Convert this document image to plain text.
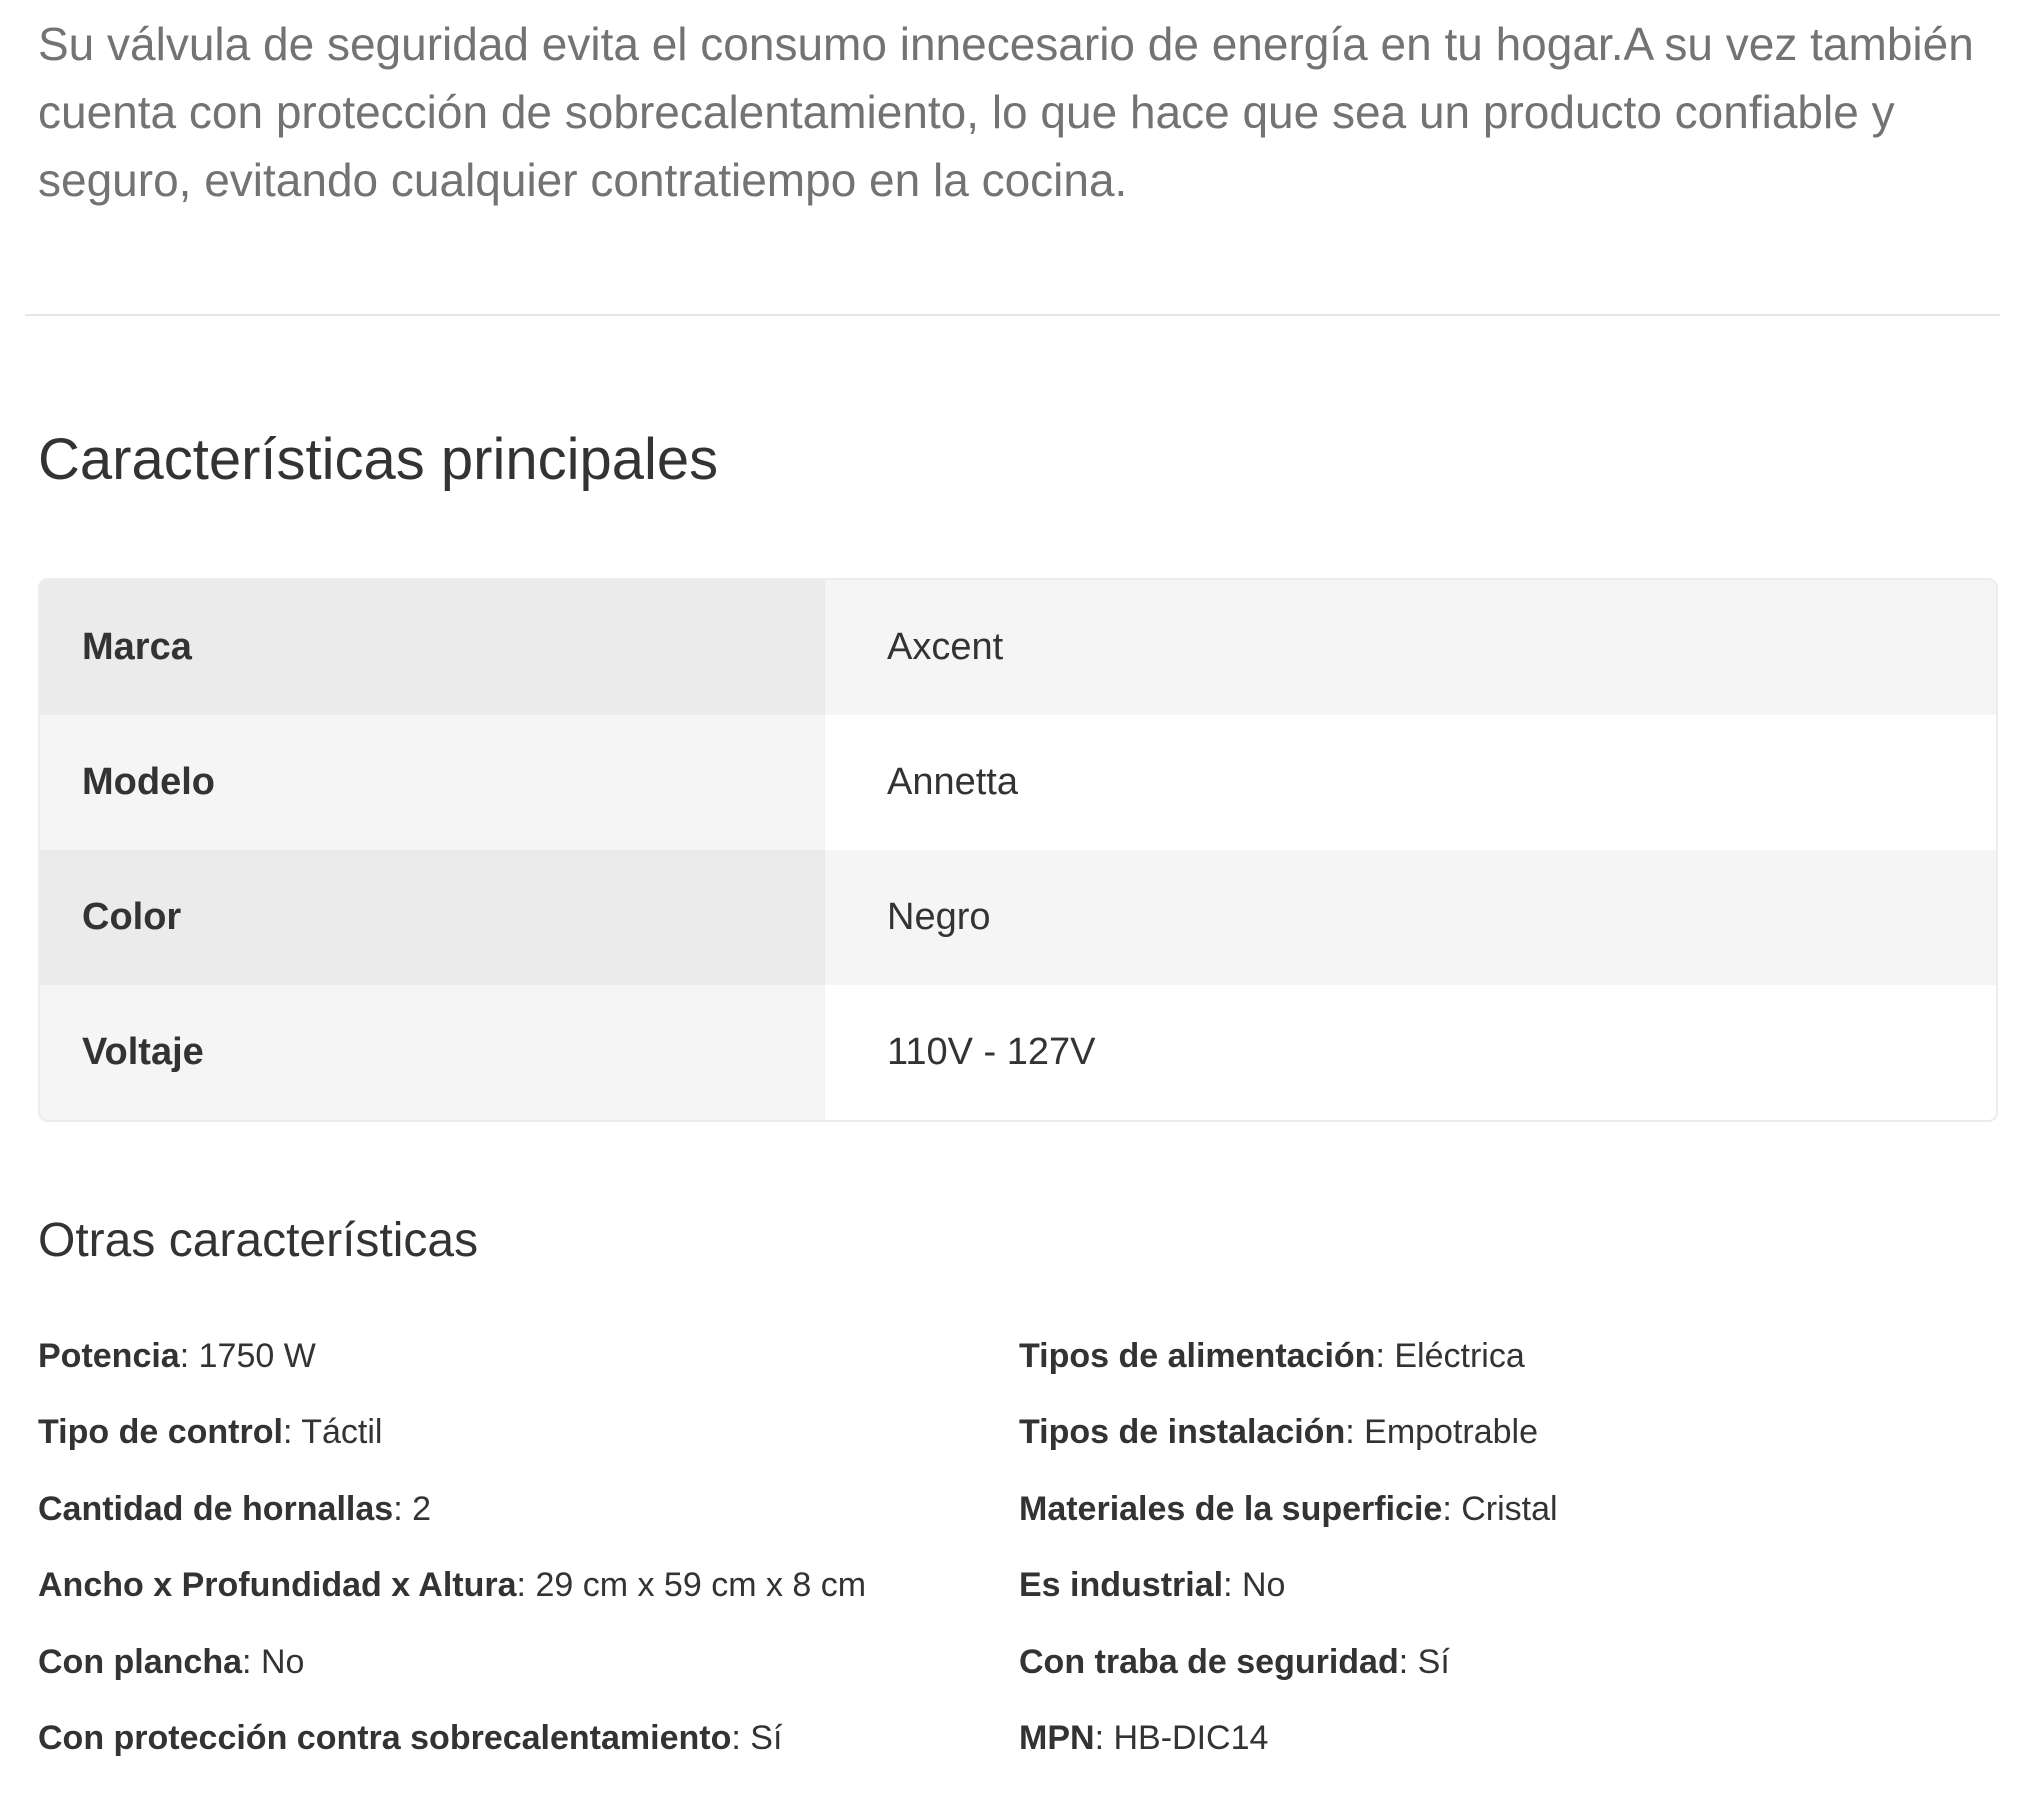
Su válvula de seguridad evita el consumo innecesario de energía en tu hogar.A su vez también cuenta con protección de sobrecalentamiento, lo que hace que sea un producto confiable y seguro, evitando cualquier contratiempo en la cocina.

Características principales
Marca	Axcent
Modelo	Annetta
Color	Negro
Voltaje	110V - 127V
Otras características
Potencia: 1750 W
Tipo de control: Táctil
Cantidad de hornallas: 2
Ancho x Profundidad x Altura: 29 cm x 59 cm x 8 cm
Con plancha: No
Con protección contra sobrecalentamiento: Sí
Tipos de alimentación: Eléctrica
Tipos de instalación: Empotrable
Materiales de la superficie: Cristal
Es industrial: No
Con traba de seguridad: Sí
MPN: HB-DIC14
